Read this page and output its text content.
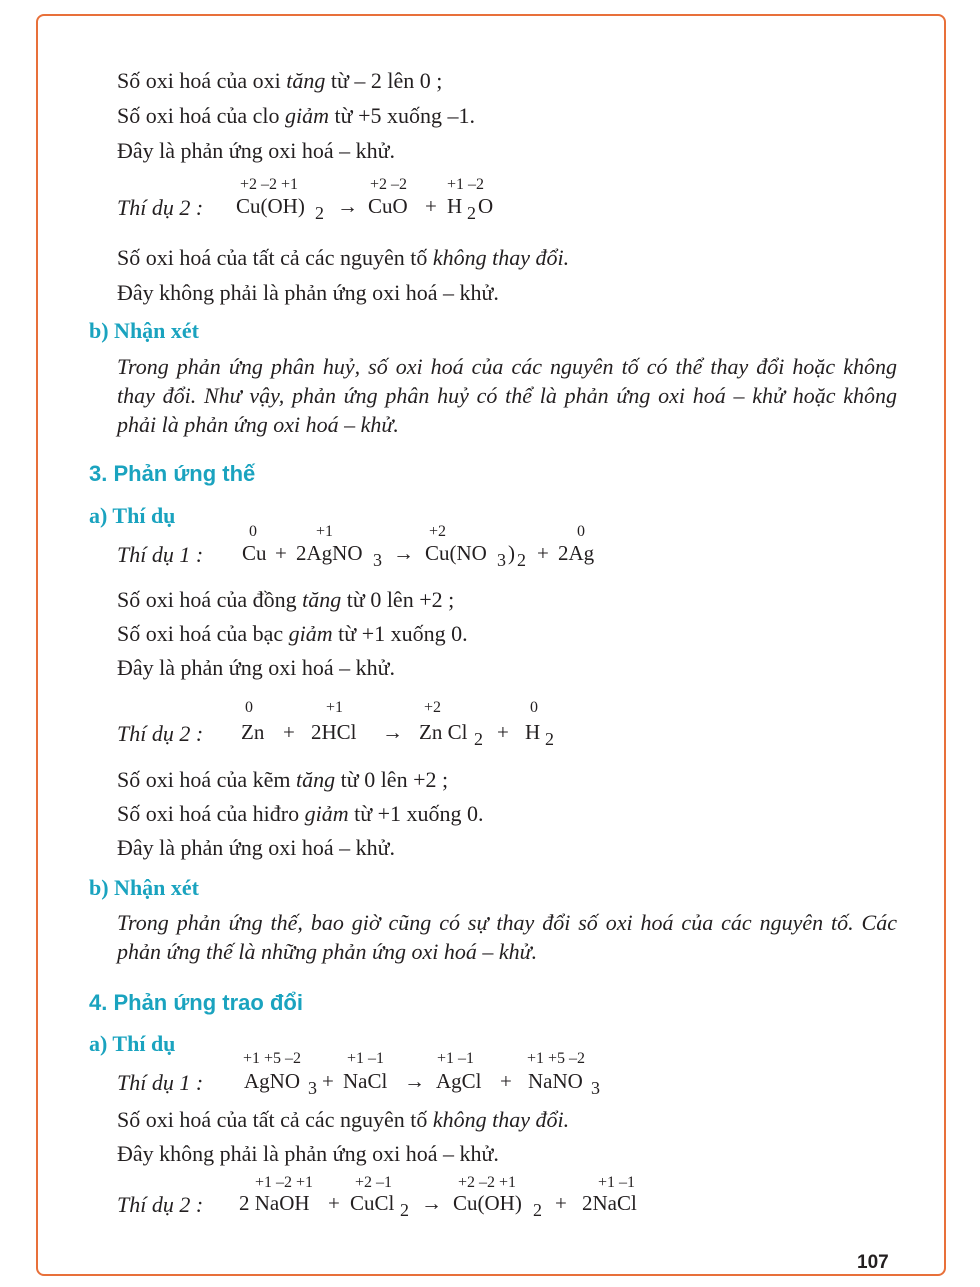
Số oxi hoá của oxi tăng từ – 2 lên 0 ;
Số oxi hoá của clo giảm từ +5 xuống –1.
Đây là phản ứng oxi hoá – khử.
+2 –2 +1	+2 –2 +1 –2
Thí dụ 2 : Cu(OH) 2 → CuO + H 2 O
Số oxi hoá của tất cả các nguyên tố không thay đổi.
Đây không phải là phản ứng oxi hoá – khử.
b) Nhận xét
Trong phản ứng phân huỷ, số oxi hoá của các nguyên tố có thể thay đổi hoặc không thay đổi. Như vậy, phản ứng phân huỷ có thể là phản ứng oxi hoá – khử hoặc không phải là phản ứng oxi hoá – khử.
3. Phản ứng thế
a) Thí dụ
0	+1	+2	0
Thí dụ 1 : Cu + 2AgNO 3 → Cu(NO 3 ) 2 + 2Ag
Số oxi hoá của đồng tăng từ 0 lên +2 ;
Số oxi hoá của bạc giảm từ +1 xuống 0.
Đây là phản ứng oxi hoá – khử.
0	+1	+2	0
Thí dụ 2 : Zn + 2HCl → Zn Cl 2 + H 2
Số oxi hoá của kẽm tăng từ 0 lên +2 ;
Số oxi hoá của hiđro giảm từ +1 xuống 0.
Đây là phản ứng oxi hoá – khử.
b) Nhận xét
Trong phản ứng thế, bao giờ cũng có sự thay đổi số oxi hoá của các nguyên tố. Các phản ứng thế là những phản ứng oxi hoá – khử.
4. Phản ứng trao đổi
a) Thí dụ
+1 +5 –2	+1 –1	+1 –1	+1 +5 –2
Thí dụ 1 : AgNO 3 + NaCl → AgCl + NaNO 3
Số oxi hoá của tất cả các nguyên tố không thay đổi.
Đây không phải là phản ứng oxi hoá – khử.
+1 –2 +1	+2 –1	+2 –2 +1	+1 –1
Thí dụ 2 : 2 NaOH + CuCl 2 → Cu(OH) 2 + 2NaCl
107
